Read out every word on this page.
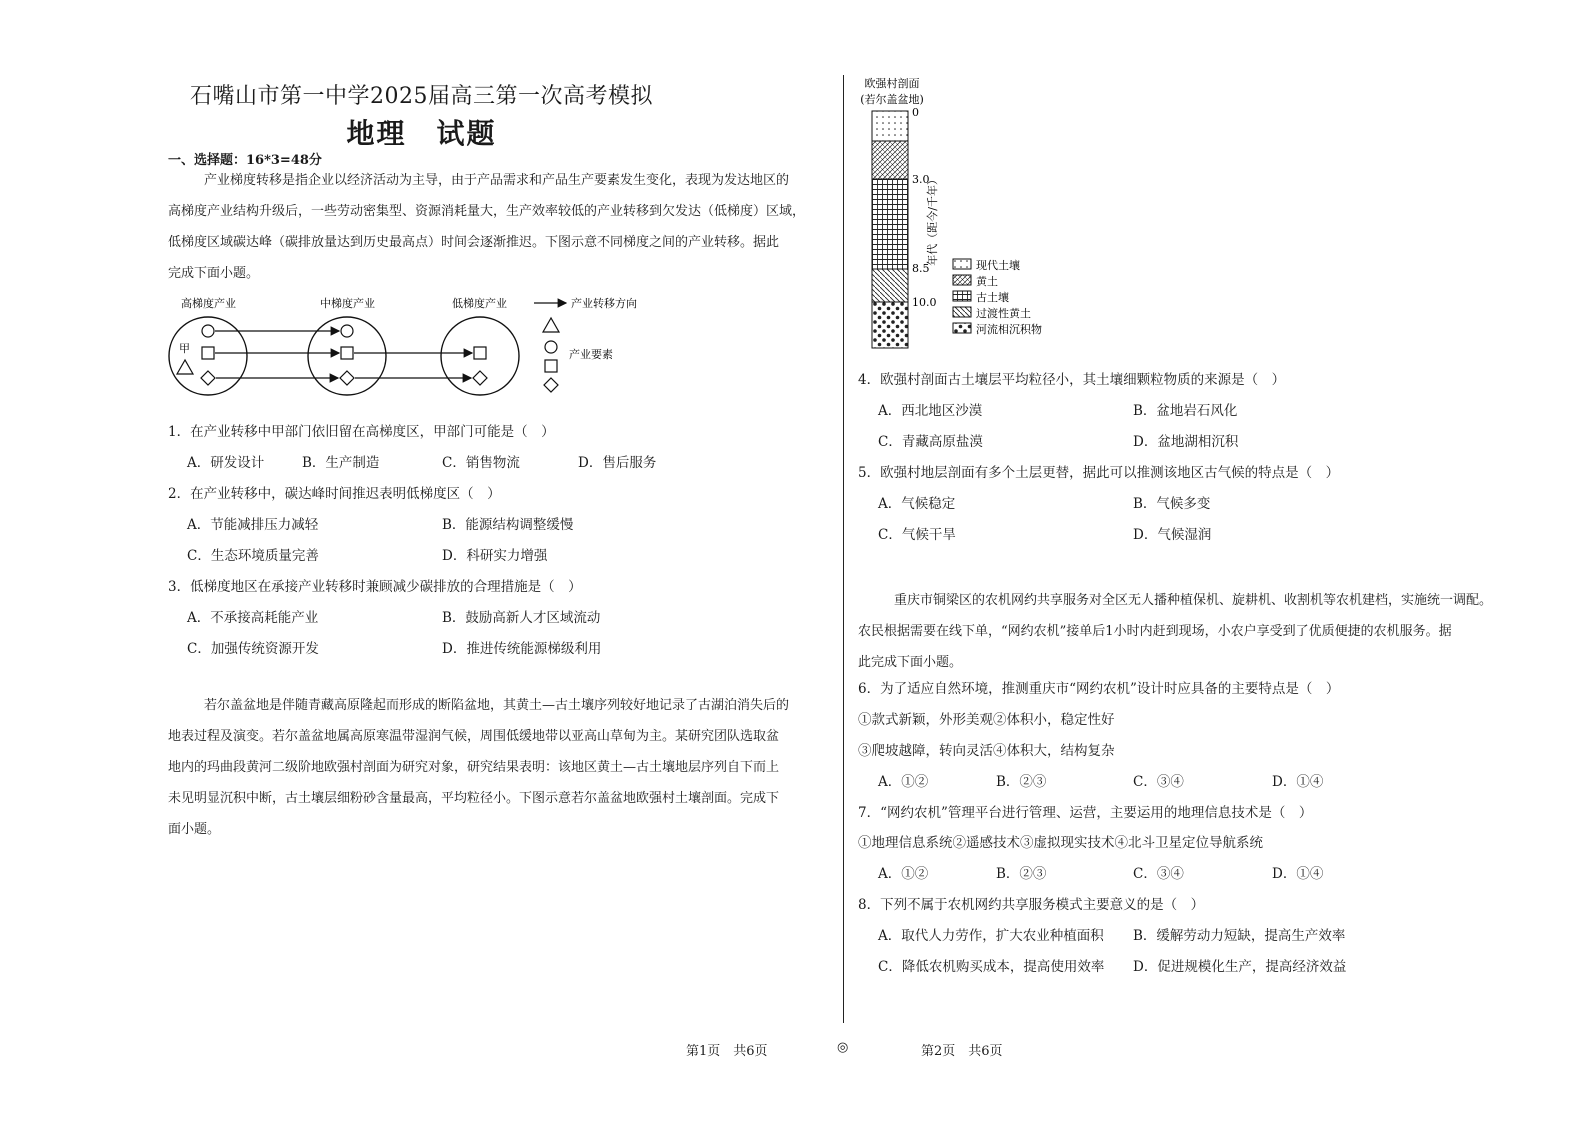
石嘴山市第一中学2025届高三第一次高考模拟
地理　试题
一、选择题：16*3=48分
产业梯度转移是指企业以经济活动为主导，由于产品需求和产品生产要素发生变化，表现为发达地区的
高梯度产业结构升级后，一些劳动密集型、资源消耗量大，生产效率较低的产业转移到欠发达（低梯度）区域，
低梯度区域碳达峰（碳排放量达到历史最高点）时间会逐渐推迟。下图示意不同梯度之间的产业转移。据此
完成下面小题。
高梯度产业	中梯度产业	低梯度产业
甲
产业转移方向
产业要素
1．在产业转移中甲部门依旧留在高梯度区，甲部门可能是（　）
A．研发设计	B．生产制造	C．销售物流	D．售后服务
2．在产业转移中，碳达峰时间推迟表明低梯度区（　）
A．节能减排压力减轻	B．能源结构调整缓慢
C．生态环境质量完善	D．科研实力增强
3．低梯度地区在承接产业转移时兼顾减少碳排放的合理措施是（　）
A．不承接高耗能产业	B．鼓励高新人才区域流动
C．加强传统资源开发	D．推进传统能源梯级利用
若尔盖盆地是伴随青藏高原隆起而形成的断陷盆地，其黄土—古土壤序列较好地记录了古湖泊消失后的
地表过程及演变。若尔盖盆地属高原寒温带湿润气候，周围低缓地带以亚高山草甸为主。某研究团队选取盆
地内的玛曲段黄河二级阶地欧强村剖面为研究对象，研究结果表明：该地区黄土—古土壤地层序列自下而上
未见明显沉积中断，古土壤层细粉砂含量最高，平均粒径小。下图示意若尔盖盆地欧强村土壤剖面。完成下
面小题。
欧强村剖面
(若尔盖盆地)
0
3.0
8.5
10.0
年代（距今/千年）	现代土壤
黄土
古土壤
过渡性黄土
河流相沉积物
4．欧强村剖面古土壤层平均粒径小，其土壤细颗粒物质的来源是（　）
A．西北地区沙漠	B．盆地岩石风化
C．青藏高原盐漠	D．盆地湖相沉积
5．欧强村地层剖面有多个土层更替，据此可以推测该地区古气候的特点是（　）
A．气候稳定	B．气候多变
C．气候干旱	D．气候湿润
重庆市铜梁区的农机网约共享服务对全区无人播种植保机、旋耕机、收割机等农机建档，实施统一调配。
农民根据需要在线下单，“网约农机”接单后1小时内赶到现场，小农户享受到了优质便捷的农机服务。据
此完成下面小题。
6．为了适应自然环境，推测重庆市“网约农机”设计时应具备的主要特点是（　）
①款式新颖，外形美观②体积小，稳定性好
③爬坡越障，转向灵活④体积大，结构复杂
A．①②	B．②③	C．③④	D．①④
7．“网约农机”管理平台进行管理、运营，主要运用的地理信息技术是（　）
①地理信息系统②遥感技术③虚拟现实技术④北斗卫星定位导航系统
A．①②	B．②③	C．③④	D．①④
8．下列不属于农机网约共享服务模式主要意义的是（　）
A．取代人力劳作，扩大农业种植面积 B．缓解劳动力短缺，提高生产效率
C．降低农机购买成本，提高使用效率 D．促进规模化生产，提高经济效益
第1页　共6页	◎	第2页　共6页
